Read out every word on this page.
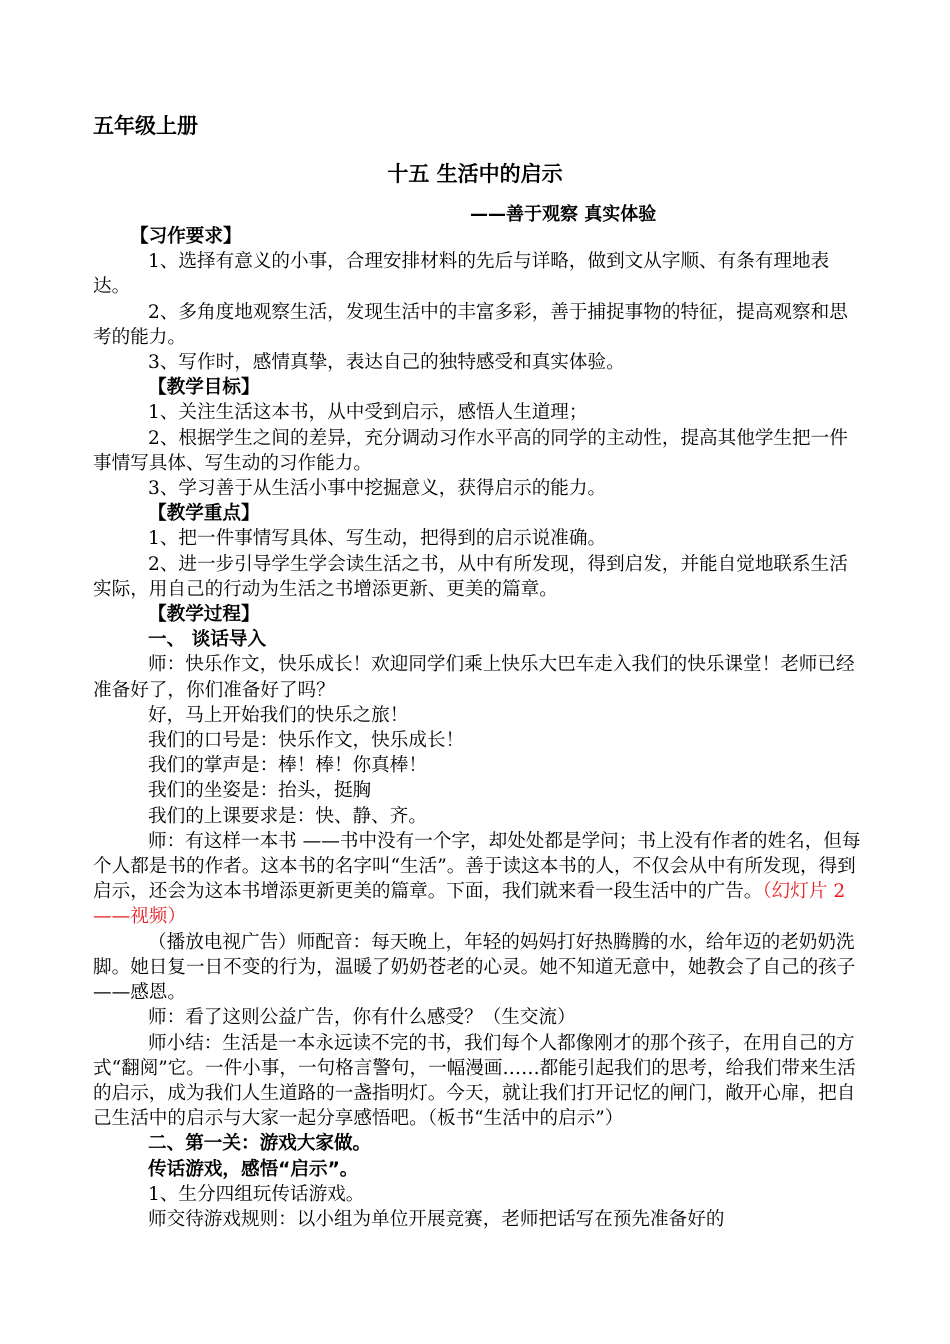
五年级上册
十五 生活中的启示
——善于观察 真实体验

【习作要求】

1、选择有意义的小事，合理安排材料的先后与详略，做到文从字顺、有条有理地表达。

2、多角度地观察生活，发现生活中的丰富多彩，善于捕捉事物的特征，提高观察和思考的能力。

3、写作时，感情真挚，表达自己的独特感受和真实体验。

【教学目标】

1、关注生活这本书，从中受到启示，感悟人生道理；

2、根据学生之间的差异，充分调动习作水平高的同学的主动性，提高其他学生把一件事情写具体、写生动的习作能力。

3、学习善于从生活小事中挖掘意义，获得启示的能力。

【教学重点】

1、把一件事情写具体、写生动，把得到的启示说准确。

2、进一步引导学生学会读生活之书，从中有所发现，得到启发，并能自觉地联系生活实际，用自己的行动为生活之书增添更新、更美的篇章。

【教学过程】

一、 谈话导入

师：快乐作文，快乐成长！欢迎同学们乘上快乐大巴车走入我们的快乐课堂！老师已经准备好了，你们准备好了吗？

好，马上开始我们的快乐之旅！

我们的口号是：快乐作文，快乐成长！

我们的掌声是：棒！棒！你真棒！

我们的坐姿是：抬头，挺胸

我们的上课要求是：快、静、齐。

师：有这样一本书 ——书中没有一个字，却处处都是学问；书上没有作者的姓名，但每个人都是书的作者。这本书的名字叫“生活”。善于读这本书的人，不仅会从中有所发现，得到启示，还会为这本书增添更新更美的篇章。下面，我们就来看一段生活中的广告。（幻灯片 2——视频）

（播放电视广告）师配音：每天晚上，年轻的妈妈打好热腾腾的水，给年迈的老奶奶洗脚。她日复一日不变的行为，温暖了奶奶苍老的心灵。她不知道无意中，她教会了自己的孩子——感恩。

师：看了这则公益广告，你有什么感受？（生交流）

师小结：生活是一本永远读不完的书，我们每个人都像刚才的那个孩子，在用自己的方式“翻阅”它。一件小事，一句格言警句，一幅漫画……都能引起我们的思考，给我们带来生活的启示，成为我们人生道路的一盏指明灯。今天，就让我们打开记忆的闸门，敞开心扉，把自己生活中的启示与大家一起分享感悟吧。（板书“生活中的启示”）

二、第一关：游戏大家做。

传话游戏，感悟“启示”。

1、生分四组玩传话游戏。

师交待游戏规则：以小组为单位开展竞赛，老师把话写在预先准备好的
